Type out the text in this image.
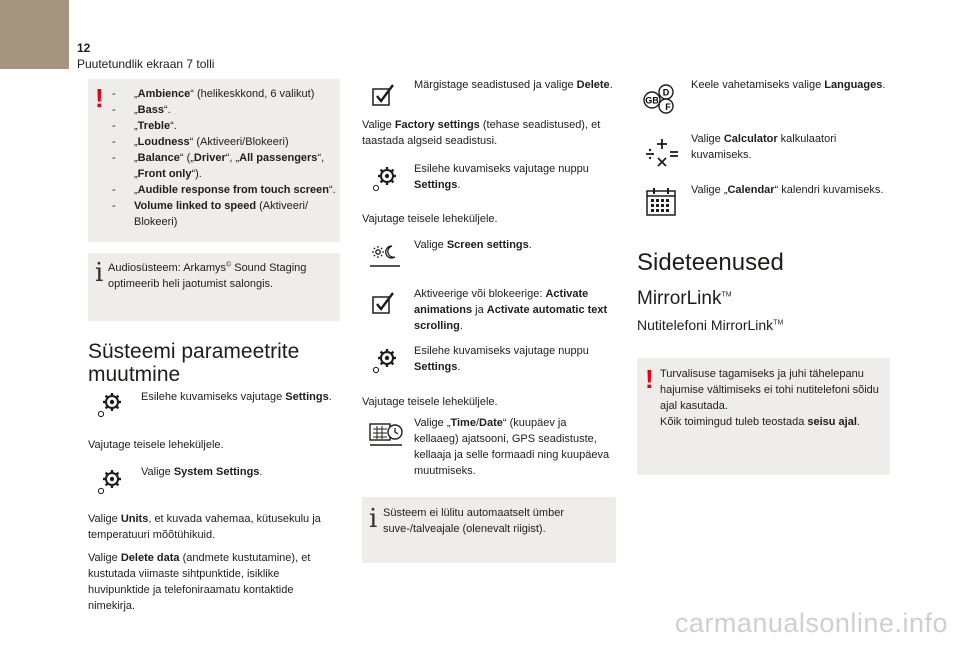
12
Puutetundlik ekraan 7 tolli
! - „Ambience“ (helikeskkond, 6 valikut)
- „Bass“.
- „Treble“.
- „Loudness“ (Aktiveeri/Blokeeri)
- „Balance“ („Driver“, „All passengers“, „Front only“).
- „Audible response from touch screen“.
- Volume linked to speed (Aktiveeri/ Blokeeri)
i Audiosüsteem: Arkamys© Sound Staging optimeerib heli jaotumist salongis.
Süsteemi parameetrite muutmine
Esilehe kuvamiseks vajutage Settings.
Vajutage teisele leheküljele.
Valige System Settings.
Valige Units, et kuvada vahemaa, kütusekulu ja temperatuuri mõõtühikuid.
Valige Delete data (andmete kustutamine), et kustutada viimaste sihtpunktide, isiklike huvipunktide ja telefoniraamatu kontaktide nimekirja.
Märgistage seadistused ja valige Delete.
Valige Factory settings (tehase seadistused), et taastada algseid seadistusi.
Esilehe kuvamiseks vajutage nuppu Settings.
Vajutage teisele leheküljele.
Valige Screen settings.
Aktiveerige või blokeerige: Activate animations ja Activate automatic text scrolling.
Esilehe kuvamiseks vajutage nuppu Settings.
Vajutage teisele leheküljele.
Valige „Time/Date“ (kuupäev ja kellaaeg) ajatsooni, GPS seadistuste, kellaaja ja selle formaadi ning kuupäeva muutmiseks.
i Süsteem ei lülitu automaatselt ümber suve-/talveajale (olenevalt riigist).
D
GB
F
Keele vahetamiseks valige Languages.
Valige Calculator kalkulaatori kuvamiseks.
Valige „Calendar“ kalendri kuvamiseks.
Sideteenused
MirrorLink™
Nutitelefoni MirrorLink™
! Turvalisuse tagamiseks ja juhi tähelepanu hajumise vältimiseks ei tohi nutitelefoni sõidu ajal kasutada.
Kõik toimingud tuleb teostada seisu ajal.
carmanualsonline.info
